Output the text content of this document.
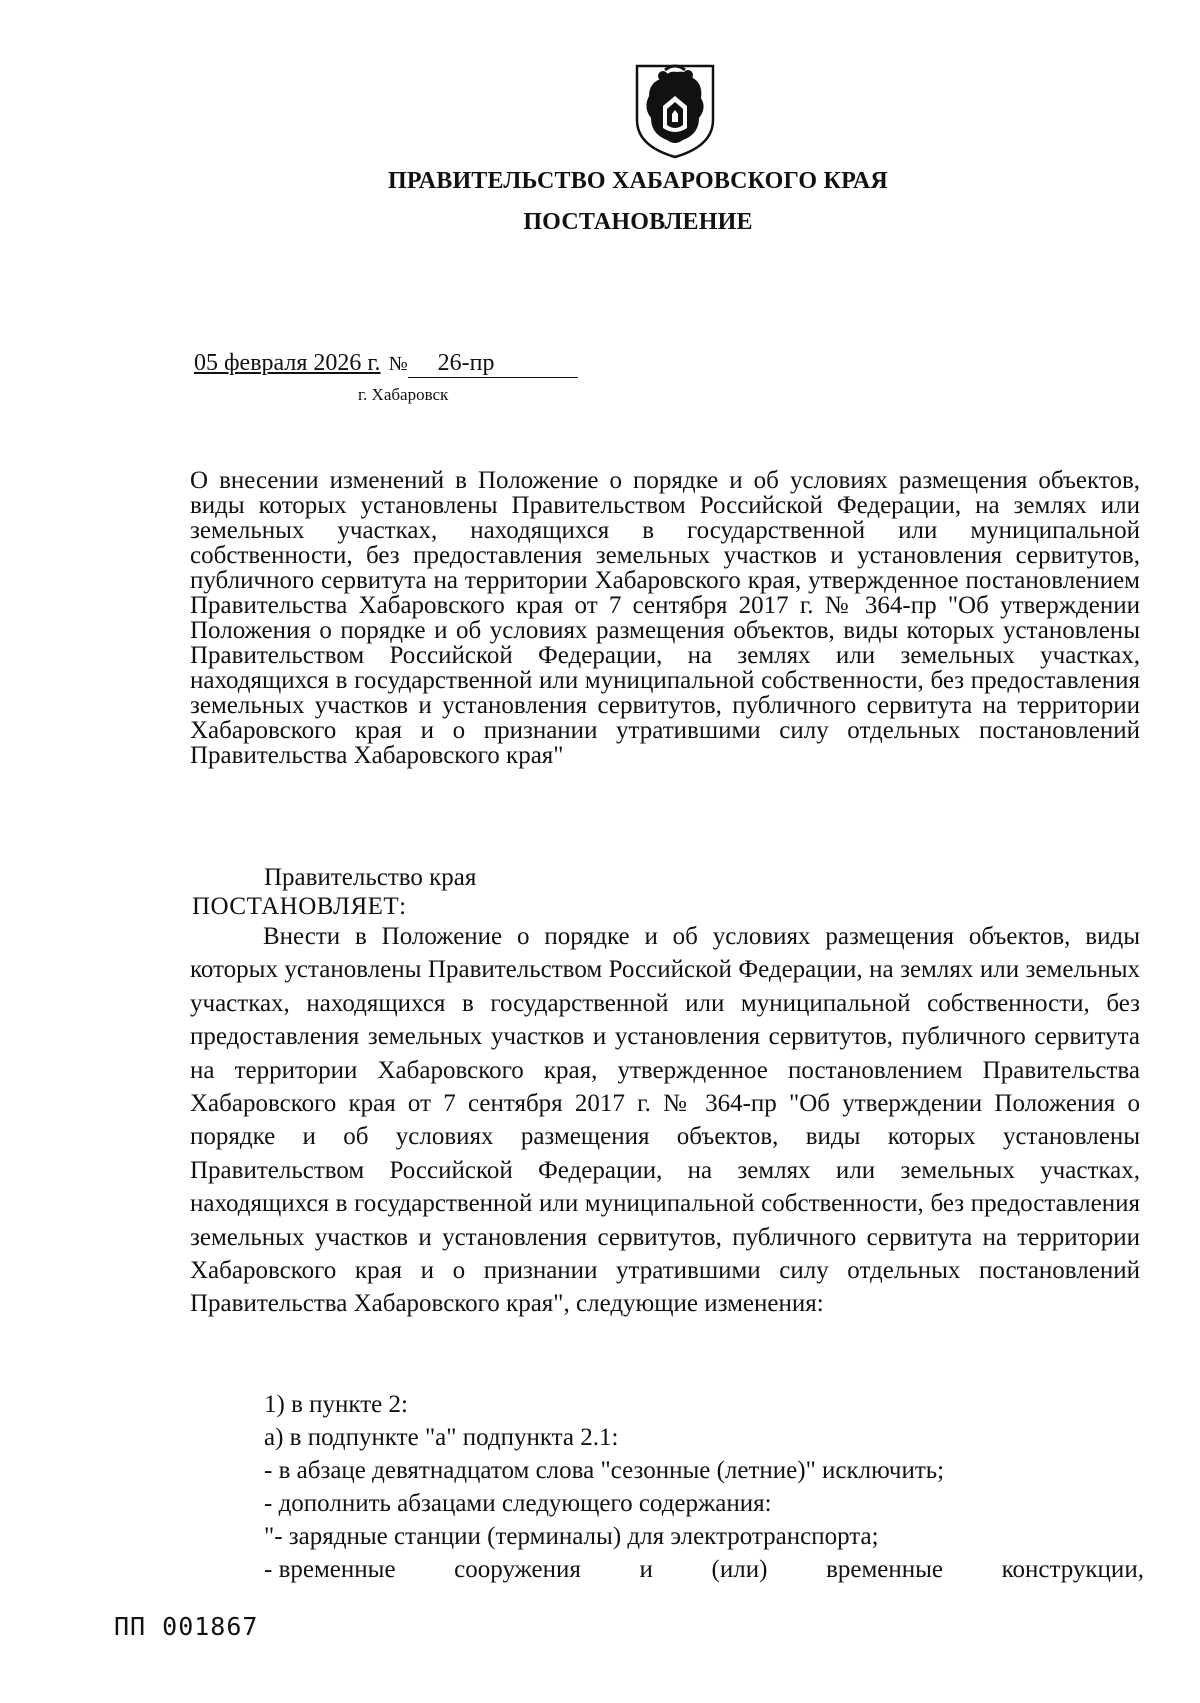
ПРАВИТЕЛЬСТВО ХАБАРОВСКОГО КРАЯ
ПОСТАНОВЛЕНИЕ
05 февраля 2026 г. № 26-пр
г. Хабаровск
О внесении изменений в Положение о порядке и об условиях размещения объектов, виды которых установлены Правительством Российской Федерации, на землях или земельных участках, находящихся в государственной или муниципальной собственности, без предоставления земельных участков и установления сервитутов, публичного сервитута на территории Хабаровского края, утвержденное постановлением Правительства Хабаровского края от 7 сентября 2017 г. № 364-пр "Об утверждении Положения о порядке и об условиях размещения объектов, виды которых установлены Правительством Российской Федерации, на землях или земельных участках, находящихся в государственной или муниципальной собственности, без предоставления земельных участков и установления сервитутов, публичного сервитута на территории Хабаровского края и о признании утратившими силу отдельных постановлений Правительства Хабаровского края"
Правительство края
ПОСТАНОВЛЯЕТ:
Внести в Положение о порядке и об условиях размещения объектов, виды которых установлены Правительством Российской Федерации, на землях или земельных участках, находящихся в государственной или муниципальной собственности, без предоставления земельных участков и установления сервитутов, публичного сервитута на территории Хабаровского края, утвержденное постановлением Правительства Хабаровского края от 7 сентября 2017 г. № 364-пр "Об утверждении Положения о порядке и об условиях размещения объектов, виды которых установлены Правительством Российской Федерации, на землях или земельных участках, находящихся в государственной или муниципальной собственности, без предоставления земельных участков и установления сервитутов, публичного сервитута на территории Хабаровского края и о признании утратившими силу отдельных постановлений Правительства Хабаровского края", следующие изменения:
1) в пункте 2:
а) в подпункте "а" подпункта 2.1:
- в абзаце девятнадцатом слова "сезонные (летние)" исключить;
- дополнить абзацами следующего содержания:
"- зарядные станции (терминалы) для электротранспорта;
- временные сооружения и (или) временные конструкции,
ПП 001867
